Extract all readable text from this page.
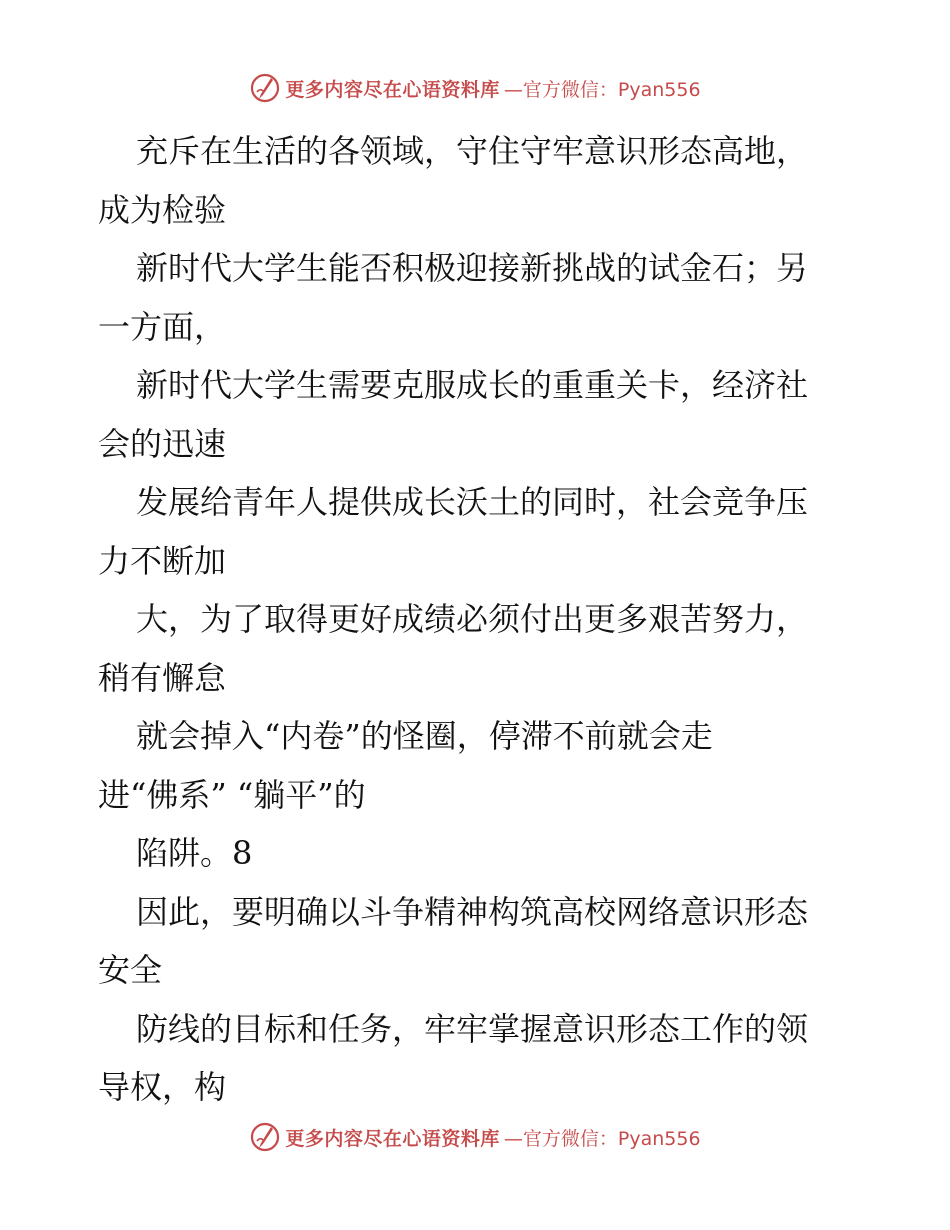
更多内容尽在心语资料库 —官方微信：Pyan556
充斥在生活的各领域，守住守牢意识形态高地，
成为检验
新时代大学生能否积极迎接新挑战的试金石；另
一方面，
新时代大学生需要克服成长的重重关卡，经济社
会的迅速
发展给青年人提供成长沃土的同时，社会竞争压
力不断加
大，为了取得更好成绩必须付出更多艰苦努力，
稍有懈怠
就会掉入“内卷”的怪圈，停滞不前就会走
进“佛系” “躺平”的
陷阱。8
因此，要明确以斗争精神构筑高校网络意识形态
安全
防线的目标和任务，牢牢掌握意识形态工作的领
导权，构
更多内容尽在心语资料库 —官方微信：Pyan556
